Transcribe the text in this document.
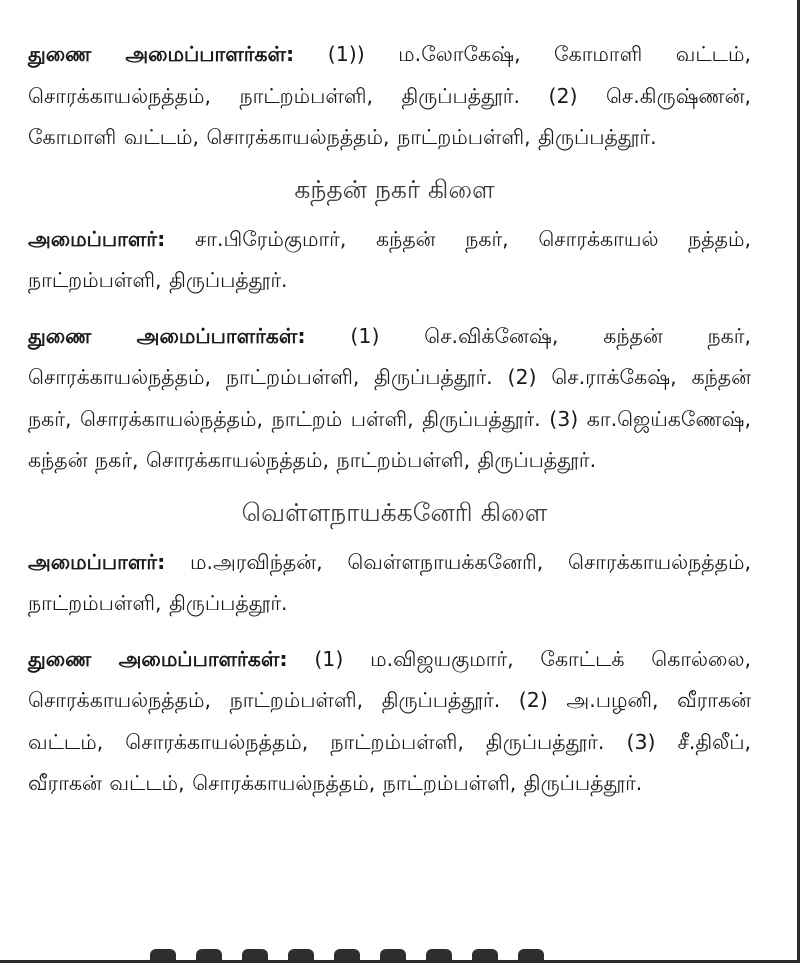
துணை அமைப்பாளர்கள்: (1)) ம.லோகேஷ், கோமாளி வட்டம், சொரக்காயல்நத்தம், நாட்றம்பள்ளி, திருப்பத்தூர். (2) செ.கிருஷ்ணன், கோமாளி வட்டம், சொரக்காயல்நத்தம், நாட்றம்பள்ளி, திருப்பத்தூர்.

கந்தன் நகர் கிளை

அமைப்பாளர்: சா.பிரேம்குமார், கந்தன் நகர், சொரக்காயல் நத்தம், நாட்றம்பள்ளி, திருப்பத்தூர்.

துணை அமைப்பாளர்கள்: (1) செ.விக்னேஷ், கந்தன் நகர், சொரக்காயல்நத்தம், நாட்றம்பள்ளி, திருப்பத்தூர். (2) செ.ராக்கேஷ், கந்தன் நகர், சொரக்காயல்நத்தம், நாட்றம் பள்ளி, திருப்பத்தூர். (3) கா.ஜெய்கணேஷ், கந்தன் நகர், சொரக்காயல்நத்தம், நாட்றம்பள்ளி, திருப்பத்தூர்.

வெள்ளநாயக்கனேரி கிளை

அமைப்பாளர்: ம.அரவிந்தன், வெள்ளநாயக்கனேரி, சொரக்காயல்நத்தம், நாட்றம்பள்ளி, திருப்பத்தூர்.

துணை அமைப்பாளர்கள்: (1) ம.விஜயகுமார், கோட்டக் கொல்லை, சொரக்காயல்நத்தம், நாட்றம்பள்ளி, திருப்பத்தூர். (2) அ.பழனி, வீராகன் வட்டம், சொரக்காயல்நத்தம், நாட்றம்பள்ளி, திருப்பத்தூர். (3) சீ.திலீப், வீராகன் வட்டம், சொரக்காயல்நத்தம், நாட்றம்பள்ளி, திருப்பத்தூர்.
